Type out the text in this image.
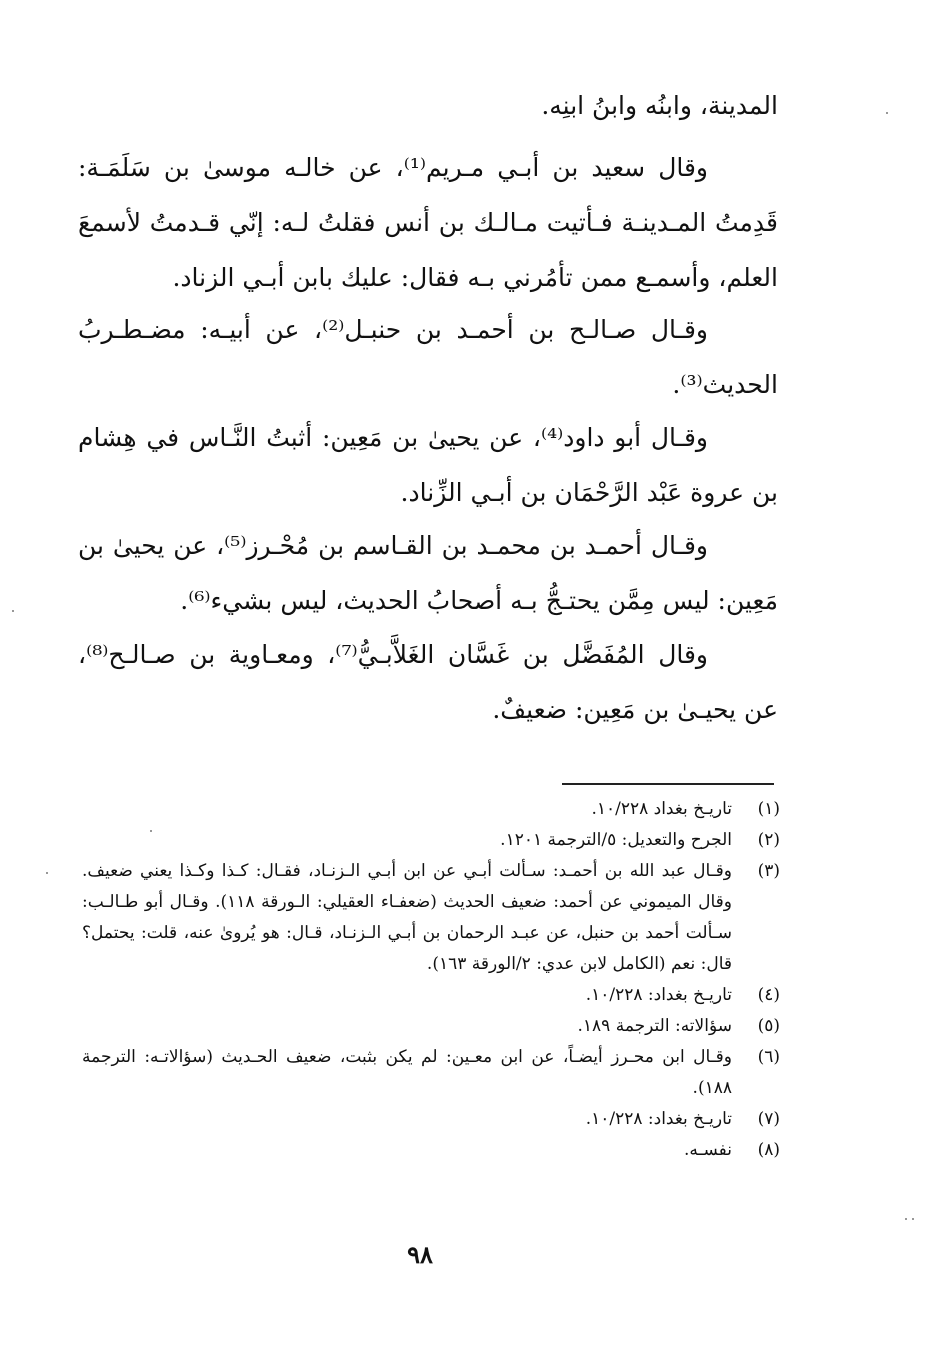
المدينة، وابنُه وابنُ ابنِه.

وقال سعيد بن أبـي مـريم⁽¹⁾، عن خالـه موسىٰ بن سَلَمَـة: قَدِمتُ المـدينـة فـأتيت مـالـك بن أنس فقلتُ لـه: إنّي قـدمتُ لأسمعَ العلم، وأسمـع ممن تأمُرني بـه فقال: عليك بابن أبـي الزناد.

وقـال صـالـح بن أحمـد بن حنبـل⁽²⁾، عن أبيـه: مضـطـربُ الحديث⁽³⁾.

وقـال أبو داود⁽⁴⁾، عن يحيىٰ بن مَعِين: أثبتُ النَّـاس في هِشام بن عروة عَبْد الرَّحْمَان بن أبـي الزِّناد.

وقـال أحمـد بن محمـد بن القـاسم بن مُحْـرز⁽⁵⁾، عن يحيىٰ بن مَعِين: ليس مِمَّن يحتـجُّ بـه أصحابُ الحديث، ليس بشيء⁽⁶⁾.

وقال المُفَضَّل بن غَسَّان الغَلاَّبـيُّ⁽⁷⁾، ومعـاوية بن صـالـح⁽⁸⁾، عن يحيـىٰ بن مَعِين: ضعيفٌ.

(١)
تاريـخ بغداد ١٠/٢٢٨.
(٢)
الجرح والتعديل: ٥/الترجمة ١٢٠١.
(٣)
وقـال عبد الله بن أحمـد: سـألت أبـي عن ابن أبـي الـزنـاد، فقـال: كـذا وكـذا يعني ضعيف. وقال الميموني عن أحمد: ضعيف الحديث (ضعفـاء العقيلي: الـورقة ١١٨). وقـال أبو طـالـب: سـألت أحمد بن حنبل، عن عبـد الرحمان بن أبـي الـزنـاد، قـال: هو يُروىٰ عنه، قلت: يحتمل؟ قال: نعم (الكامل لابن عدي: ٢/الورقة ١٦٣).
(٤)
تاريـخ بغداد: ١٠/٢٢٨.
(٥)
سؤالاته: الترجمة ١٨٩.
(٦)
وقـال ابن محـرز أيضـاً، عن ابن معـين: لم يكن بثبت، ضعيف الحـديث (سؤالاتـه: الترجمة ١٨٨).
(٧)
تاريـخ بغداد: ١٠/٢٢٨.
(٨)
نفسـه.
٩٨
